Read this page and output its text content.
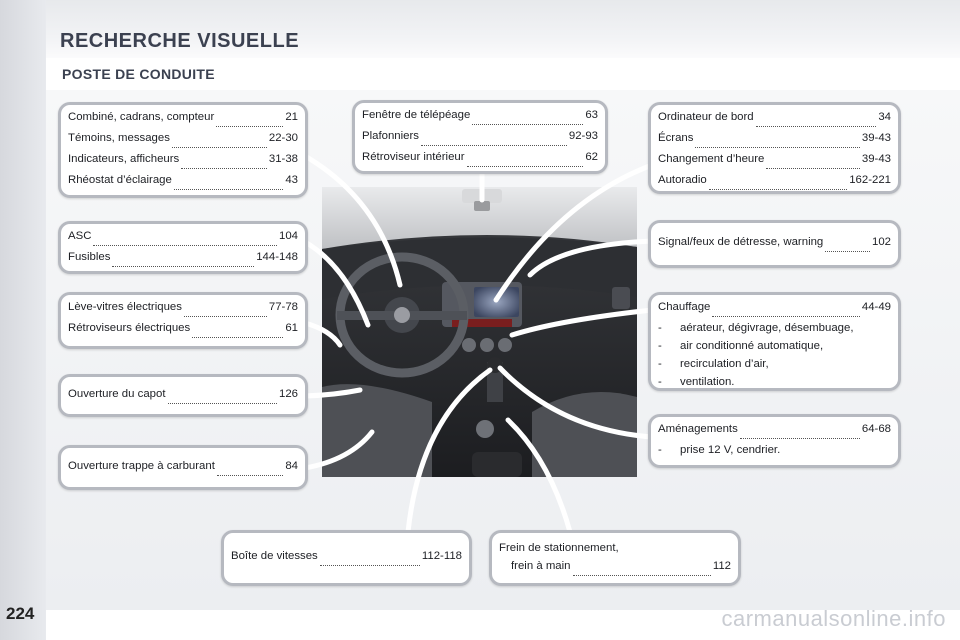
224
RECHERCHE VISUELLE
POSTE DE CONDUITE
Combiné, cadrans, compteur	21
Témoins, messages	22-30
Indicateurs, afficheurs	31-38
Rhéostat d’éclairage	43
ASC	104
Fusibles	144-148
Lève-vitres électriques	77-78
Rétroviseurs électriques	61
Ouverture du capot	126
Ouverture trappe à carburant	84
Fenêtre de télépéage	63
Plafonniers	92-93
Rétroviseur intérieur	62
Ordinateur de bord	34
Écrans	39-43
Changement d’heure	39-43
Autoradio	162-221
Signal/feux de détresse, warning	102
Chauffage	44-49
-	aérateur, dégivrage, désembuage,
-	air conditionné automatique,
-	recirculation d’air,
-	ventilation.
Aménagements	64-68
-	prise 12 V, cendrier.
Boîte de vitesses	112-118
Frein de stationnement,
frein à main	112
carmanualsonline.info
